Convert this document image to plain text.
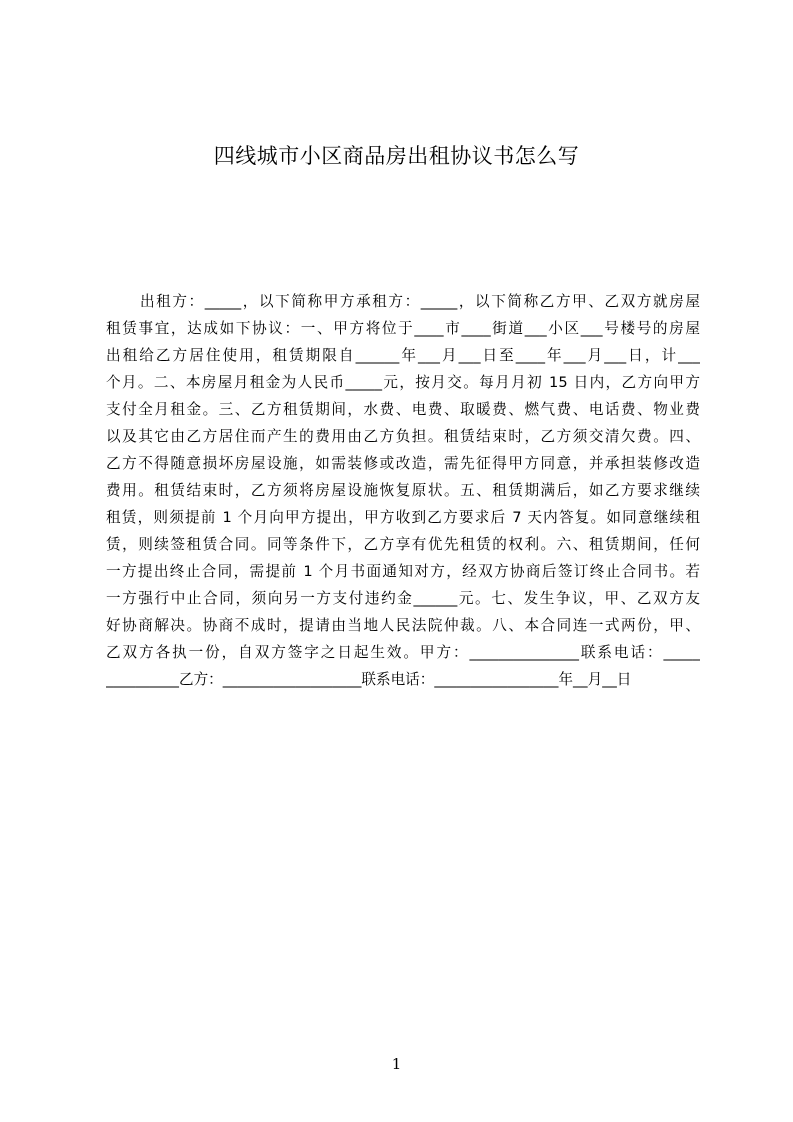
四线城市小区商品房出租协议书怎么写
出租方：_____，以下简称甲方承租方：_____，以下简称乙方甲、乙双方就房屋
租赁事宜，达成如下协议：一、甲方将位于____市____街道___小区___号楼号的房屋
出租给乙方居住使用，租赁期限自______年___月___日至____年___月___日，计___
个月。二、本房屋月租金为人民币_____元，按月交。每月月初 15 日内，乙方向甲方
支付全月租金。三、乙方租赁期间，水费、电费、取暖费、燃气费、电话费、物业费
以及其它由乙方居住而产生的费用由乙方负担。租赁结束时，乙方须交清欠费。四、
乙方不得随意损坏房屋设施，如需装修或改造，需先征得甲方同意，并承担装修改造
费用。租赁结束时，乙方须将房屋设施恢复原状。五、租赁期满后，如乙方要求继续
租赁，则须提前 1 个月向甲方提出，甲方收到乙方要求后 7 天内答复。如同意继续租
赁，则续签租赁合同。同等条件下，乙方享有优先租赁的权利。六、租赁期间，任何
一方提出终止合同，需提前 1 个月书面通知对方，经双方协商后签订终止合同书。若
一方强行中止合同，须向另一方支付违约金______元。七、发生争议，甲、乙双方友
好协商解决。协商不成时，提请由当地人民法院仲裁。八、本合同连一式两份，甲、
乙双方各执一份，自双方签字之日起生效。甲方：_______________联系电话：_____
__________乙方：___________________联系电话：_________________年__月__日
1
